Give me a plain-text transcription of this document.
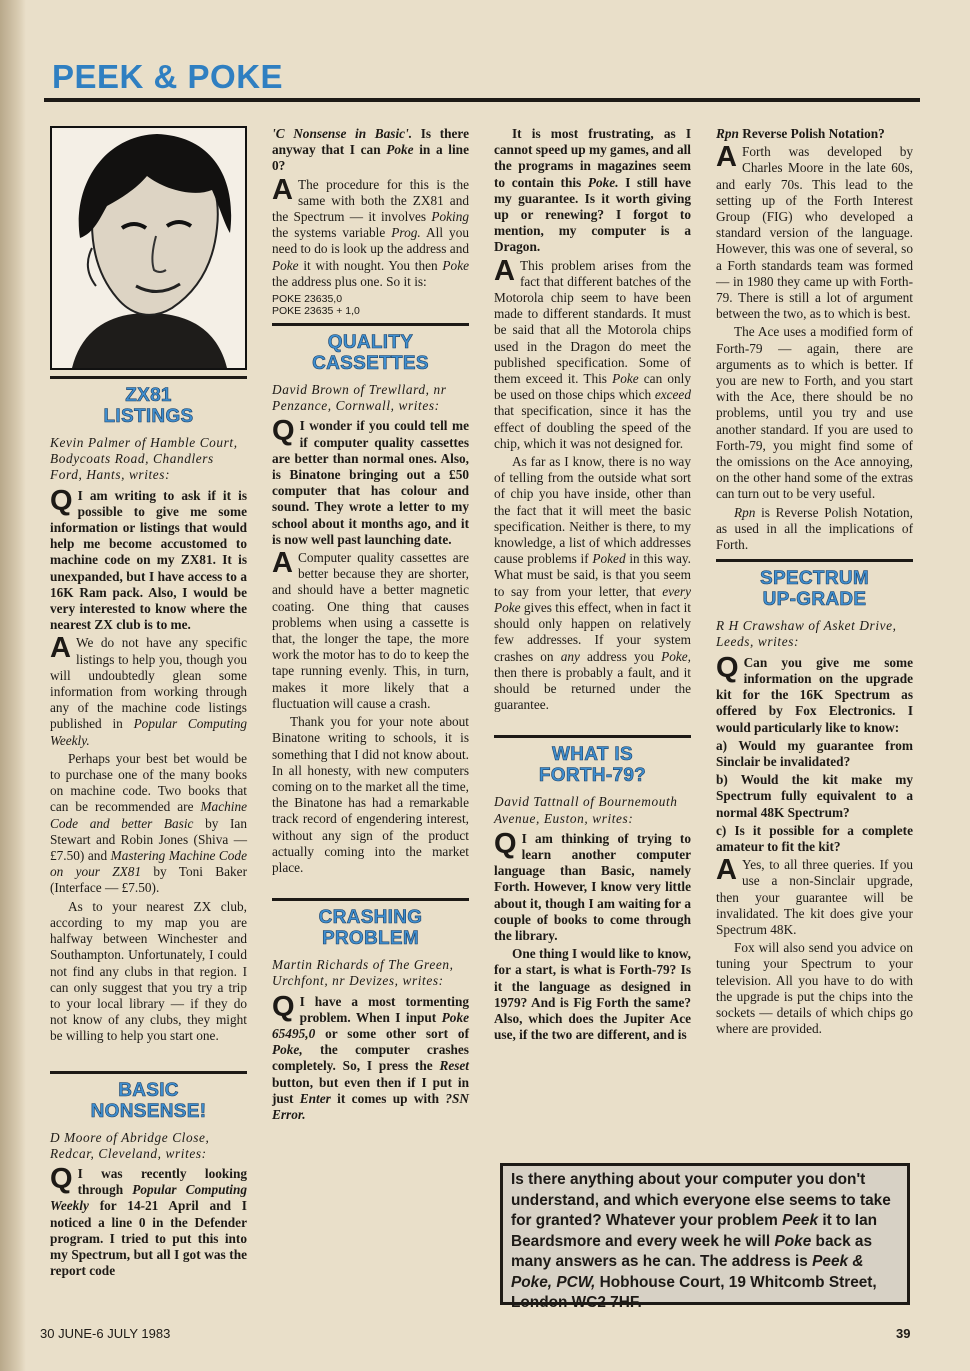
PEEK & POKE
ZX81
LISTINGS

Kevin Palmer of Hamble Court, Bodycoats Road, Chandlers Ford, Hants, writes:

Q I am writing to ask if it is possible to give me some information or listings that would help me become accustomed to machine code on my ZX81. It is unexpanded, but I have access to a 16K Ram pack. Also, I would be very interested to know where the nearest ZX club is to me.

A We do not have any specific listings to help you, though you will undoubtedly glean some information from working through any of the machine code listings published in Popular Computing Weekly.

Perhaps your best bet would be to purchase one of the many books on machine code. Two books that can be recommended are Machine Code and better Basic by Ian Stewart and Robin Jones (Shiva — £7.50) and Mastering Machine Code on your ZX81 by Toni Baker (Interface — £7.50).

As to your nearest ZX club, according to my map you are halfway between Winchester and Southampton. Unfortunately, I could not find any clubs in that region. I can only suggest that you try a trip to your local library — if they do not know of any clubs, they might be willing to help you start one.

BASIC
NONSENSE!

D Moore of Abridge Close, Redcar, Cleveland, writes:

Q I was recently looking through Popular Computing Weekly for 14-21 April and I noticed a line 0 in the Defender program. I tried to put this into my Spectrum, but all I got was the report code

'C Nonsense in Basic'. Is there anyway that I can Poke in a line 0?

A The procedure for this is the same with both the ZX81 and the Spectrum — it involves Poking the systems variable Prog. All you need to do is look up the address and Poke it with nought. You then Poke the address plus one. So it is:

POKE 23635,0
POKE 23635 + 1,0

QUALITY
CASSETTES

David Brown of Trewllard, nr Penzance, Cornwall, writes:

Q I wonder if you could tell me if computer quality cassettes are better than normal ones. Also, is Binatone bringing out a £50 computer that has colour and sound. They wrote a letter to my school about it months ago, and it is now well past launching date.

A Computer quality cassettes are better because they are shorter, and should have a better magnetic coating. One thing that causes problems when using a cassette is that, the longer the tape, the more work the motor has to do to keep the tape running evenly. This, in turn, makes it more likely that a fluctuation will cause a crash.

Thank you for your note about Binatone writing to schools, it is something that I did not know about. In all honesty, with new computers coming on to the market all the time, the Binatone has had a remarkable track record of engendering interest, without any sign of the product actually coming into the market place.

CRASHING
PROBLEM

Martin Richards of The Green, Urchfont, nr Devizes, writes:

Q I have a most tormenting problem. When I input Poke 65495,0 or some other sort of Poke, the computer crashes completely. So, I press the Reset button, but even then if I put in just Enter it comes up with ?SN Error.

It is most frustrating, as I cannot speed up my games, and all the programs in magazines seem to contain this Poke. I still have my guarantee. Is it worth giving up or renewing? I forgot to mention, my computer is a Dragon.

A This problem arises from the fact that different batches of the Motorola chip seem to have been made to different standards. It must be said that all the Motorola chips used in the Dragon do meet the published specification. Some of them exceed it. This Poke can only be used on those chips which exceed that specification, since it has the effect of doubling the speed of the chip, which it was not designed for.

As far as I know, there is no way of telling from the outside what sort of chip you have inside, other than the fact that it will meet the basic specification. Neither is there, to my knowledge, a list of which addresses cause problems if Poked in this way. What must be said, is that you seem to say from your letter, that every Poke gives this effect, when in fact it should only happen on relatively few addresses. If your system crashes on any address you Poke, then there is probably a fault, and it should be returned under the guarantee.

WHAT IS
FORTH-79?

David Tattnall of Bournemouth Avenue, Euston, writes:

Q I am thinking of trying to learn another computer language than Basic, namely Forth. However, I know very little about it, though I am waiting for a couple of books to come through the library.

One thing I would like to know, for a start, is what is Forth-79? Is it the language as designed in 1979? And is Fig Forth the same? Also, which does the Jupiter Ace use, if the two are different, and is

Rpn Reverse Polish Notation?

A Forth was developed by Charles Moore in the late 60s, and early 70s. This lead to the setting up of the Forth Interest Group (FIG) who developed a standard version of the language. However, this was one of several, so a Forth standards team was formed — in 1980 they came up with Forth-79. There is still a lot of argument between the two, as to which is best.

The Ace uses a modified form of Forth-79 — again, there are arguments as to which is better. If you are new to Forth, and you start with the Ace, there should be no problems, until you try and use another standard. If you are used to Forth-79, you might find some of the omissions on the Ace annoying, on the other hand some of the extras can turn out to be very useful.

Rpn is Reverse Polish Notation, as used in all the implications of Forth.

SPECTRUM
UP-GRADE

R H Crawshaw of Asket Drive, Leeds, writes:

Q Can you give me some information on the upgrade kit for the 16K Spectrum as offered by Fox Electronics. I would particularly like to know:

a) Would my guarantee from Sinclair be invalidated?

b) Would the kit make my Spectrum fully equivalent to a normal 48K Spectrum?

c) Is it possible for a complete amateur to fit the kit?

A Yes, to all three queries. If you use a non-Sinclair upgrade, then your guarantee will be invalidated. The kit does give your Spectrum 48K.

Fox will also send you advice on tuning your Spectrum to your television. All you have to do with the upgrade is put the chips into the sockets — details of which chips go where are provided.

Is there anything about your computer you don't understand, and which everyone else seems to take for granted? Whatever your problem Peek it to Ian Beardsmore and every week he will Poke back as many answers as he can. The address is Peek & Poke, PCW, Hobhouse Court, 19 Whitcomb Street, London WC2 7HF.
30 JUNE-6 JULY 1983	39
